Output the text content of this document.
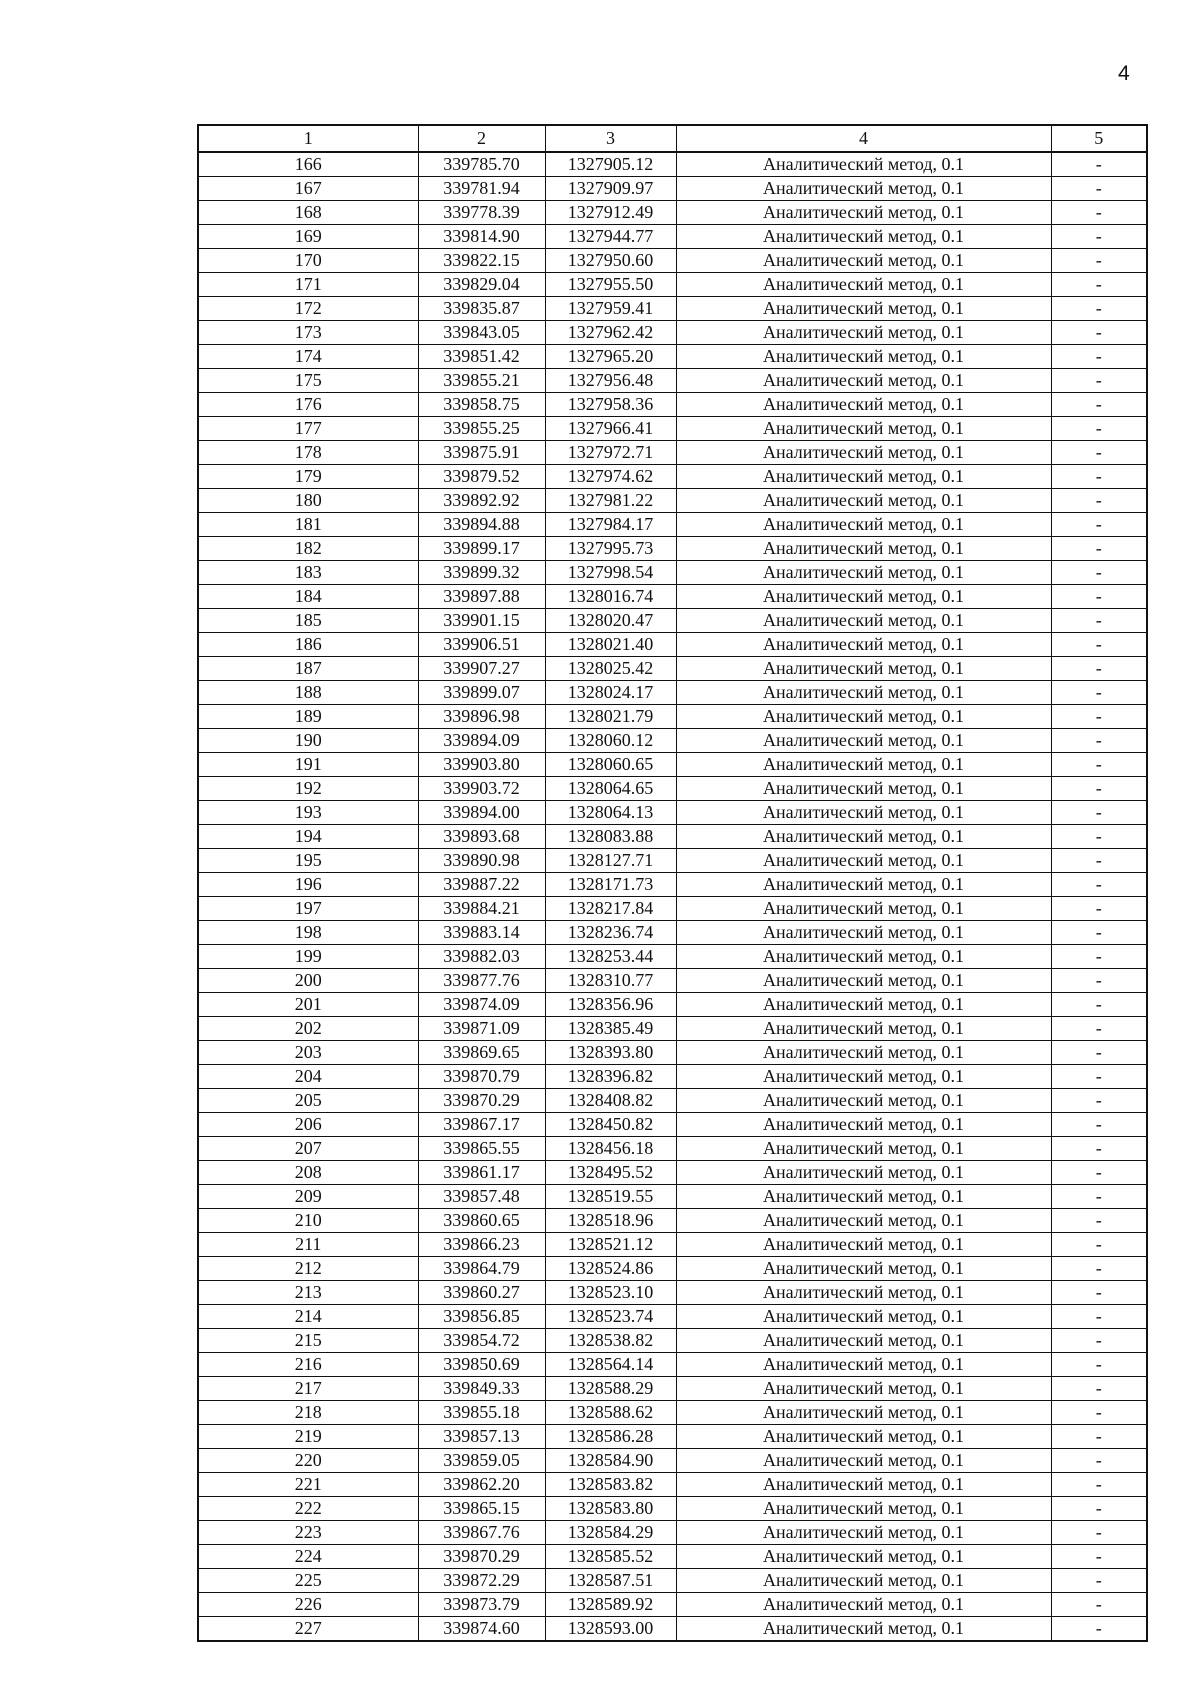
4
1	2	3	4	5
166	339785.70	1327905.12	Аналитический метод, 0.1	-
167	339781.94	1327909.97	Аналитический метод, 0.1	-
168	339778.39	1327912.49	Аналитический метод, 0.1	-
169	339814.90	1327944.77	Аналитический метод, 0.1	-
170	339822.15	1327950.60	Аналитический метод, 0.1	-
171	339829.04	1327955.50	Аналитический метод, 0.1	-
172	339835.87	1327959.41	Аналитический метод, 0.1	-
173	339843.05	1327962.42	Аналитический метод, 0.1	-
174	339851.42	1327965.20	Аналитический метод, 0.1	-
175	339855.21	1327956.48	Аналитический метод, 0.1	-
176	339858.75	1327958.36	Аналитический метод, 0.1	-
177	339855.25	1327966.41	Аналитический метод, 0.1	-
178	339875.91	1327972.71	Аналитический метод, 0.1	-
179	339879.52	1327974.62	Аналитический метод, 0.1	-
180	339892.92	1327981.22	Аналитический метод, 0.1	-
181	339894.88	1327984.17	Аналитический метод, 0.1	-
182	339899.17	1327995.73	Аналитический метод, 0.1	-
183	339899.32	1327998.54	Аналитический метод, 0.1	-
184	339897.88	1328016.74	Аналитический метод, 0.1	-
185	339901.15	1328020.47	Аналитический метод, 0.1	-
186	339906.51	1328021.40	Аналитический метод, 0.1	-
187	339907.27	1328025.42	Аналитический метод, 0.1	-
188	339899.07	1328024.17	Аналитический метод, 0.1	-
189	339896.98	1328021.79	Аналитический метод, 0.1	-
190	339894.09	1328060.12	Аналитический метод, 0.1	-
191	339903.80	1328060.65	Аналитический метод, 0.1	-
192	339903.72	1328064.65	Аналитический метод, 0.1	-
193	339894.00	1328064.13	Аналитический метод, 0.1	-
194	339893.68	1328083.88	Аналитический метод, 0.1	-
195	339890.98	1328127.71	Аналитический метод, 0.1	-
196	339887.22	1328171.73	Аналитический метод, 0.1	-
197	339884.21	1328217.84	Аналитический метод, 0.1	-
198	339883.14	1328236.74	Аналитический метод, 0.1	-
199	339882.03	1328253.44	Аналитический метод, 0.1	-
200	339877.76	1328310.77	Аналитический метод, 0.1	-
201	339874.09	1328356.96	Аналитический метод, 0.1	-
202	339871.09	1328385.49	Аналитический метод, 0.1	-
203	339869.65	1328393.80	Аналитический метод, 0.1	-
204	339870.79	1328396.82	Аналитический метод, 0.1	-
205	339870.29	1328408.82	Аналитический метод, 0.1	-
206	339867.17	1328450.82	Аналитический метод, 0.1	-
207	339865.55	1328456.18	Аналитический метод, 0.1	-
208	339861.17	1328495.52	Аналитический метод, 0.1	-
209	339857.48	1328519.55	Аналитический метод, 0.1	-
210	339860.65	1328518.96	Аналитический метод, 0.1	-
211	339866.23	1328521.12	Аналитический метод, 0.1	-
212	339864.79	1328524.86	Аналитический метод, 0.1	-
213	339860.27	1328523.10	Аналитический метод, 0.1	-
214	339856.85	1328523.74	Аналитический метод, 0.1	-
215	339854.72	1328538.82	Аналитический метод, 0.1	-
216	339850.69	1328564.14	Аналитический метод, 0.1	-
217	339849.33	1328588.29	Аналитический метод, 0.1	-
218	339855.18	1328588.62	Аналитический метод, 0.1	-
219	339857.13	1328586.28	Аналитический метод, 0.1	-
220	339859.05	1328584.90	Аналитический метод, 0.1	-
221	339862.20	1328583.82	Аналитический метод, 0.1	-
222	339865.15	1328583.80	Аналитический метод, 0.1	-
223	339867.76	1328584.29	Аналитический метод, 0.1	-
224	339870.29	1328585.52	Аналитический метод, 0.1	-
225	339872.29	1328587.51	Аналитический метод, 0.1	-
226	339873.79	1328589.92	Аналитический метод, 0.1	-
227	339874.60	1328593.00	Аналитический метод, 0.1	-
